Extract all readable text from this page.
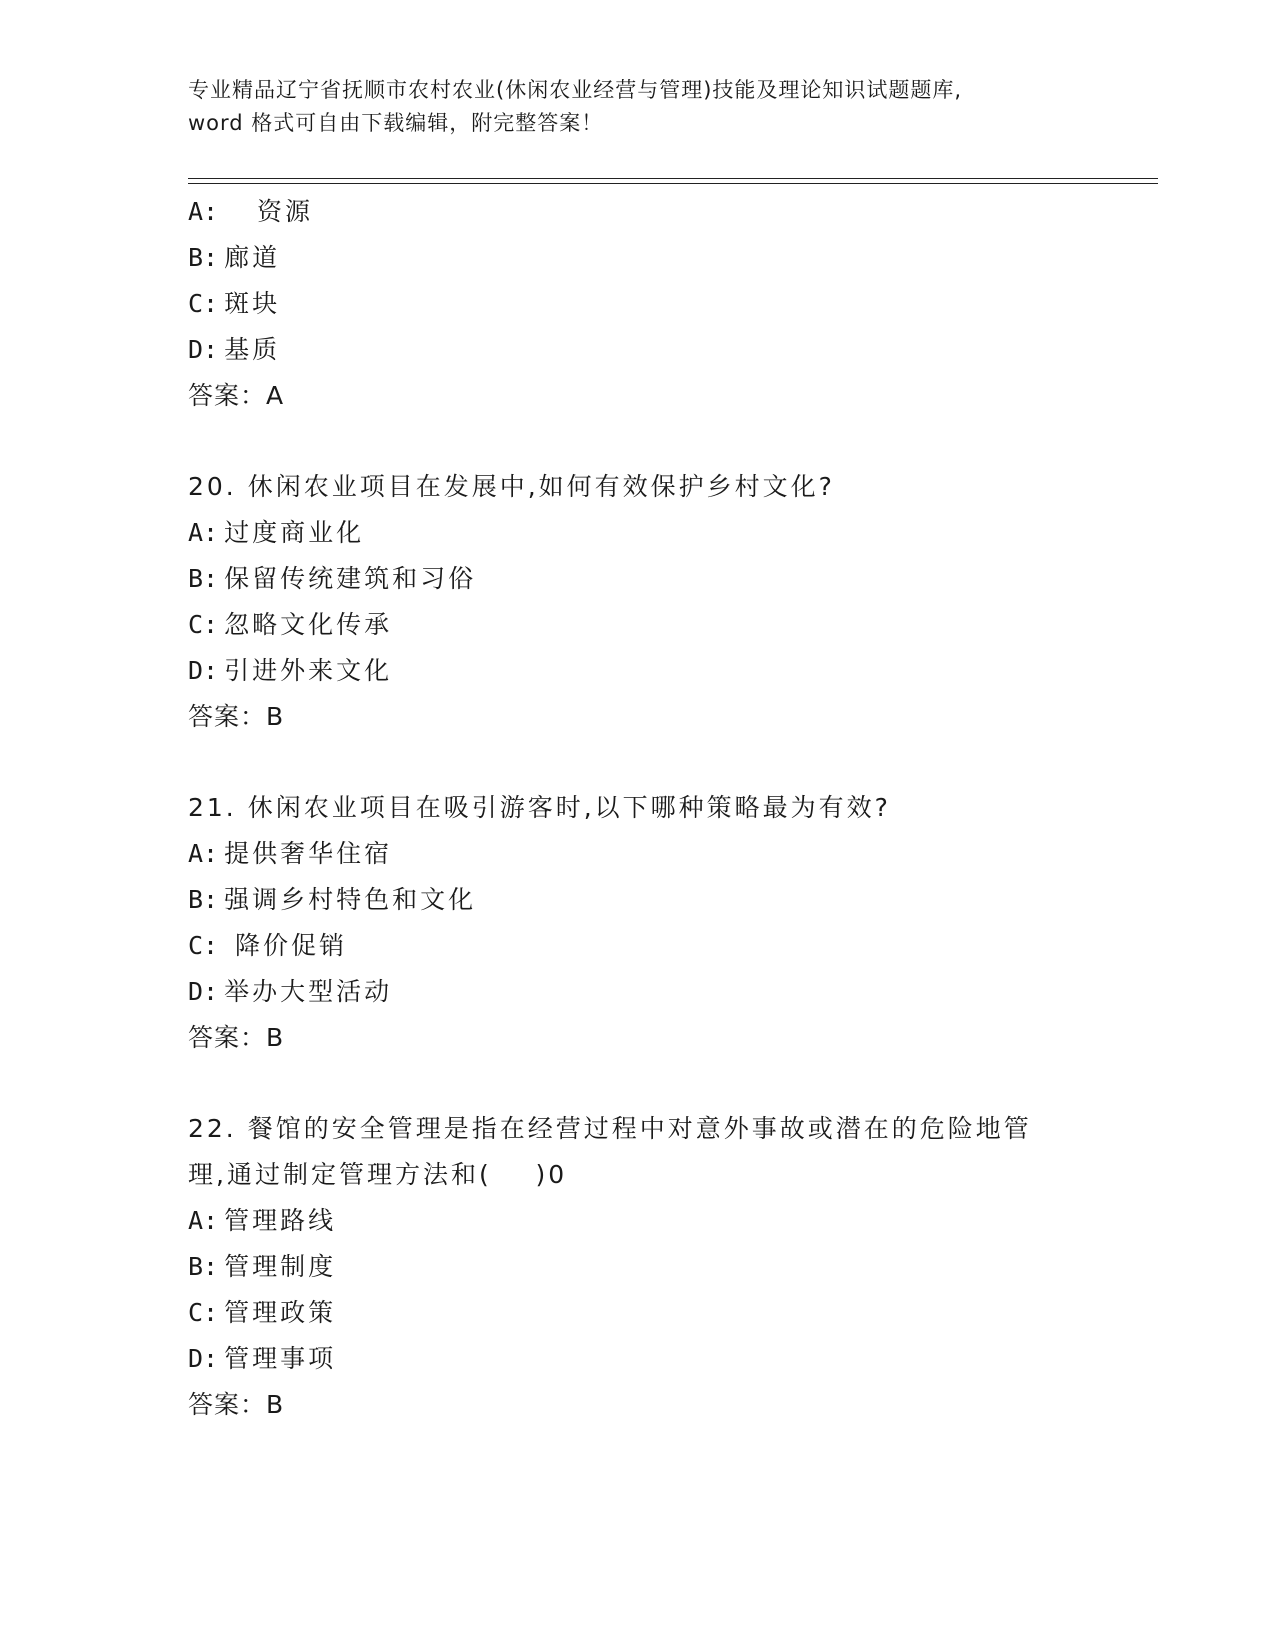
专业精品辽宁省抚顺市农村农业(休闲农业经营与管理)技能及理论知识试题题库,
word 格式可自由下载编辑，附完整答案！
A:   资源
B: 廊道
C: 斑块
D: 基质
答案：A
20. 休闲农业项目在发展中,如何有效保护乡村文化?
A: 过度商业化
B: 保留传统建筑和习俗
C: 忽略文化传承
D: 引进外来文化
答案：B
21. 休闲农业项目在吸引游客时,以下哪种策略最为有效?
A: 提供奢华住宿
B: 强调乡村特色和文化
C: 降价促销
D: 举办大型活动
答案：B
22. 餐馆的安全管理是指在经营过程中对意外事故或潜在的危险地管
理,通过制定管理方法和(    )0
A: 管理路线
B: 管理制度
C: 管理政策
D: 管理事项
答案：B
